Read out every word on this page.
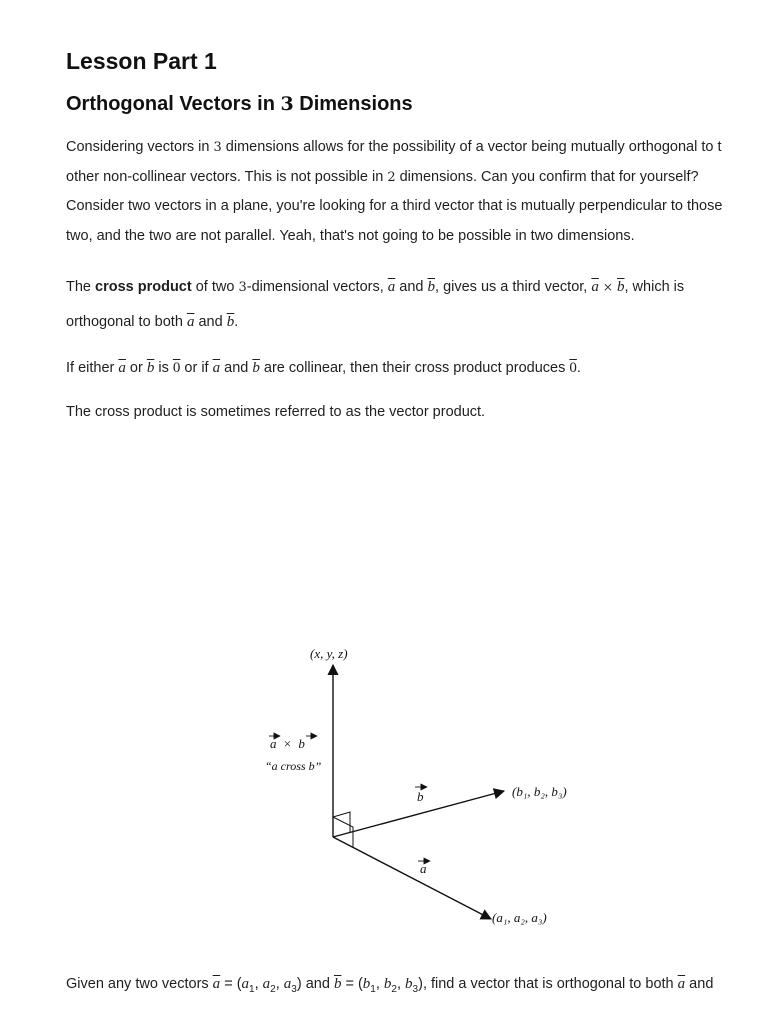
Lesson Part 1
Orthogonal Vectors in 3 Dimensions

Considering vectors in 3 dimensions allows for the possibility of a vector being mutually orthogonal to t
other non-collinear vectors. This is not possible in 2 dimensions. Can you confirm that for yourself?
Consider two vectors in a plane, you're looking for a third vector that is mutually perpendicular to those
two, and the two are not parallel. Yeah, that's not going to be possible in two dimensions.

The cross product of two 3-dimensional vectors, $\overline{a}$ and $\overline{b}$, gives us a third vector, $\overline{a} \times \overline{b}$, which is
orthogonal to both $\overline{a}$ and $\overline{b}$.

If either $\overline{a}$ or $\overline{b}$ is 0 or if $\overline{a}$ and $\overline{b}$ are collinear, then their cross product produces 0.

The cross product is sometimes referred to as the vector product.

Given any two vectors $\overline{a} = (a_1$, $a_2$, $a_3$) and $\overline{b} = (b_1$, $b_2$, $b_3$), find a vector that is orthogonal to both $\overline{a}$ and

(x, y, z)
a × b
“a cross b”
b	(b₁, b₂, b₃)
a
(a₁, a₂, a₃)
